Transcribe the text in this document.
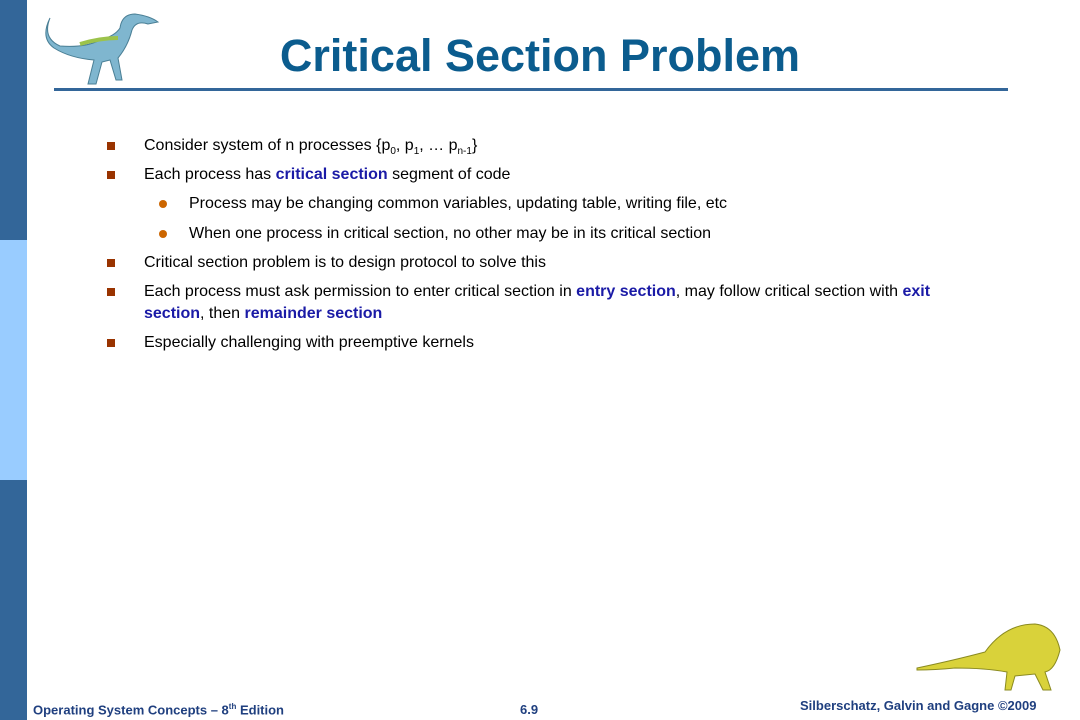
Critical Section Problem
Consider system of n processes {$p_0$, $p_1$, … $p_{n-1}$}
Each process has critical section segment of code
Process may be changing common variables, updating table, writing file, etc
When one process in critical section, no other may be in its critical section
Critical section problem is to design protocol to solve this
Each process must ask permission to enter critical section in entry section, may follow critical section with exit
section, then remainder section
Especially challenging with preemptive kernels
Operating System Concepts – 8th Edition	6.9	Silberschatz, Galvin and Gagne ©2009
